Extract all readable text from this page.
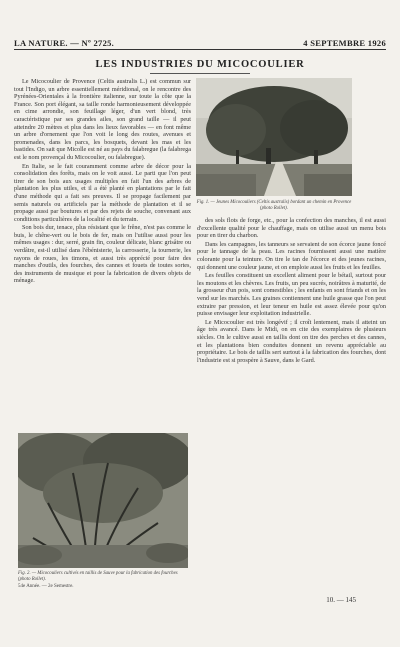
LA NATURE. — Nº 2725.	4 SEPTEMBRE 1926
LES INDUSTRIES DU MICOCOULIER

Le Micocoulier de Provence (Celtis australis L.) est commun sur tout l'Indigo, un arbre essentiellement méridional, on le rencontre des Pyrénées-Orientales à la frontière italienne, sur toute la côte que la France. Son port élégant, sa taille ronde harmonieusement développée en cime arrondie, son feuillage léger, d'un vert blond, très caractéristique par ses grandes ailes, son grand taille — il peut atteindre 20 mètres et plus dans les lieux favorables — en font même un arbre d'ornement que l'on voit le long des routes, avenues et promenades, dans les parcs, les bosquets, devant les mas et les bastides. On sait que Micolle est né au pays du falabregue (la falabrega est le nom provençal du Micocoulier, ou falabregue).

En Italie, se le fait couramment comme arbre de décor pour la consolidation des forêts, mais on le voit aussi. Le parti que l'on peut tirer de son bois aux usages multiples en fait l'un des arbres de plantation les plus utiles, et il a été planté en plantations par le fait d'une méthode qui a fait ses preuves. Il se propage facilement par semis naturels ou artificiels par la méthode de plantation et il se propage aussi par boutures et par des rejets de souche, convenant aux conditions particulières de la localité et du terrain.

Son bois dur, tenace, plus résistant que le frêne, n'est pas comme le buis, le chêne-vert ou le bois de fer, mais on l'utilise aussi pour les mêmes usages : dur, serré, grain fin, couleur délicate, blanc grisâtre ou verdâtre, est-il utilisé dans l'ébénisterie, la carrosserie, la tournerie, les rayons de roues, les timons, et aussi très apprécié pour faire des manches d'outils, des fourches, des cannes et fouets de toutes sortes, des instruments de musique et pour la fabrication de divers objets de ménage.

Fig. 1. — Jeunes Micocouliers (Celtis australis) bordant un chemin en Provence (photo Rollet).

des sols flots de forge, etc., pour la confection des manches, il est aussi d'excellente qualité pour le chauffage, mais on utilise aussi un menu bois pour en tirer du charbon.

Dans les campagnes, les tanneurs se servaient de son écorce jaune foncé pour le tannage de la peau. Les racines fournissent aussi une matière colorante pour la teinture. On tire le tan de l'écorce et des jeunes racines, qui donnent une couleur jaune, et on emploie aussi les fruits et les feuilles.

Les feuilles constituent un excellent aliment pour le bétail, surtout pour les moutons et les chèvres. Les fruits, un peu sucrés, noirâtres à maturité, de la grosseur d'un pois, sont comestibles ; les enfants en sont friands et on les vend sur les marchés. Les graines contiennent une huile grasse que l'on peut extraire par pression, et leur teneur en huile est assez élevée pour qu'on puisse envisager leur exploitation industrielle.

Le Micocoulier est très longévif ; il croît lentement, mais il atteint un âge très avancé. Dans le Midi, on en cite des exemplaires de plusieurs siècles. On le cultive aussi en taillis dont on tire des perches et des cannes, et les plantations bien conduites donnent un revenu appréciable au propriétaire. Le bois de taillis sert surtout à la fabrication des fourches, dont l'industrie est si prospère à Sauve, dans le Gard.

Fig. 2. — Micocouliers cultivés en taillis de Sauve pour la fabrication des fourches (photo Rollet).
54e Année. — 2e Semestre.
10. — 145
